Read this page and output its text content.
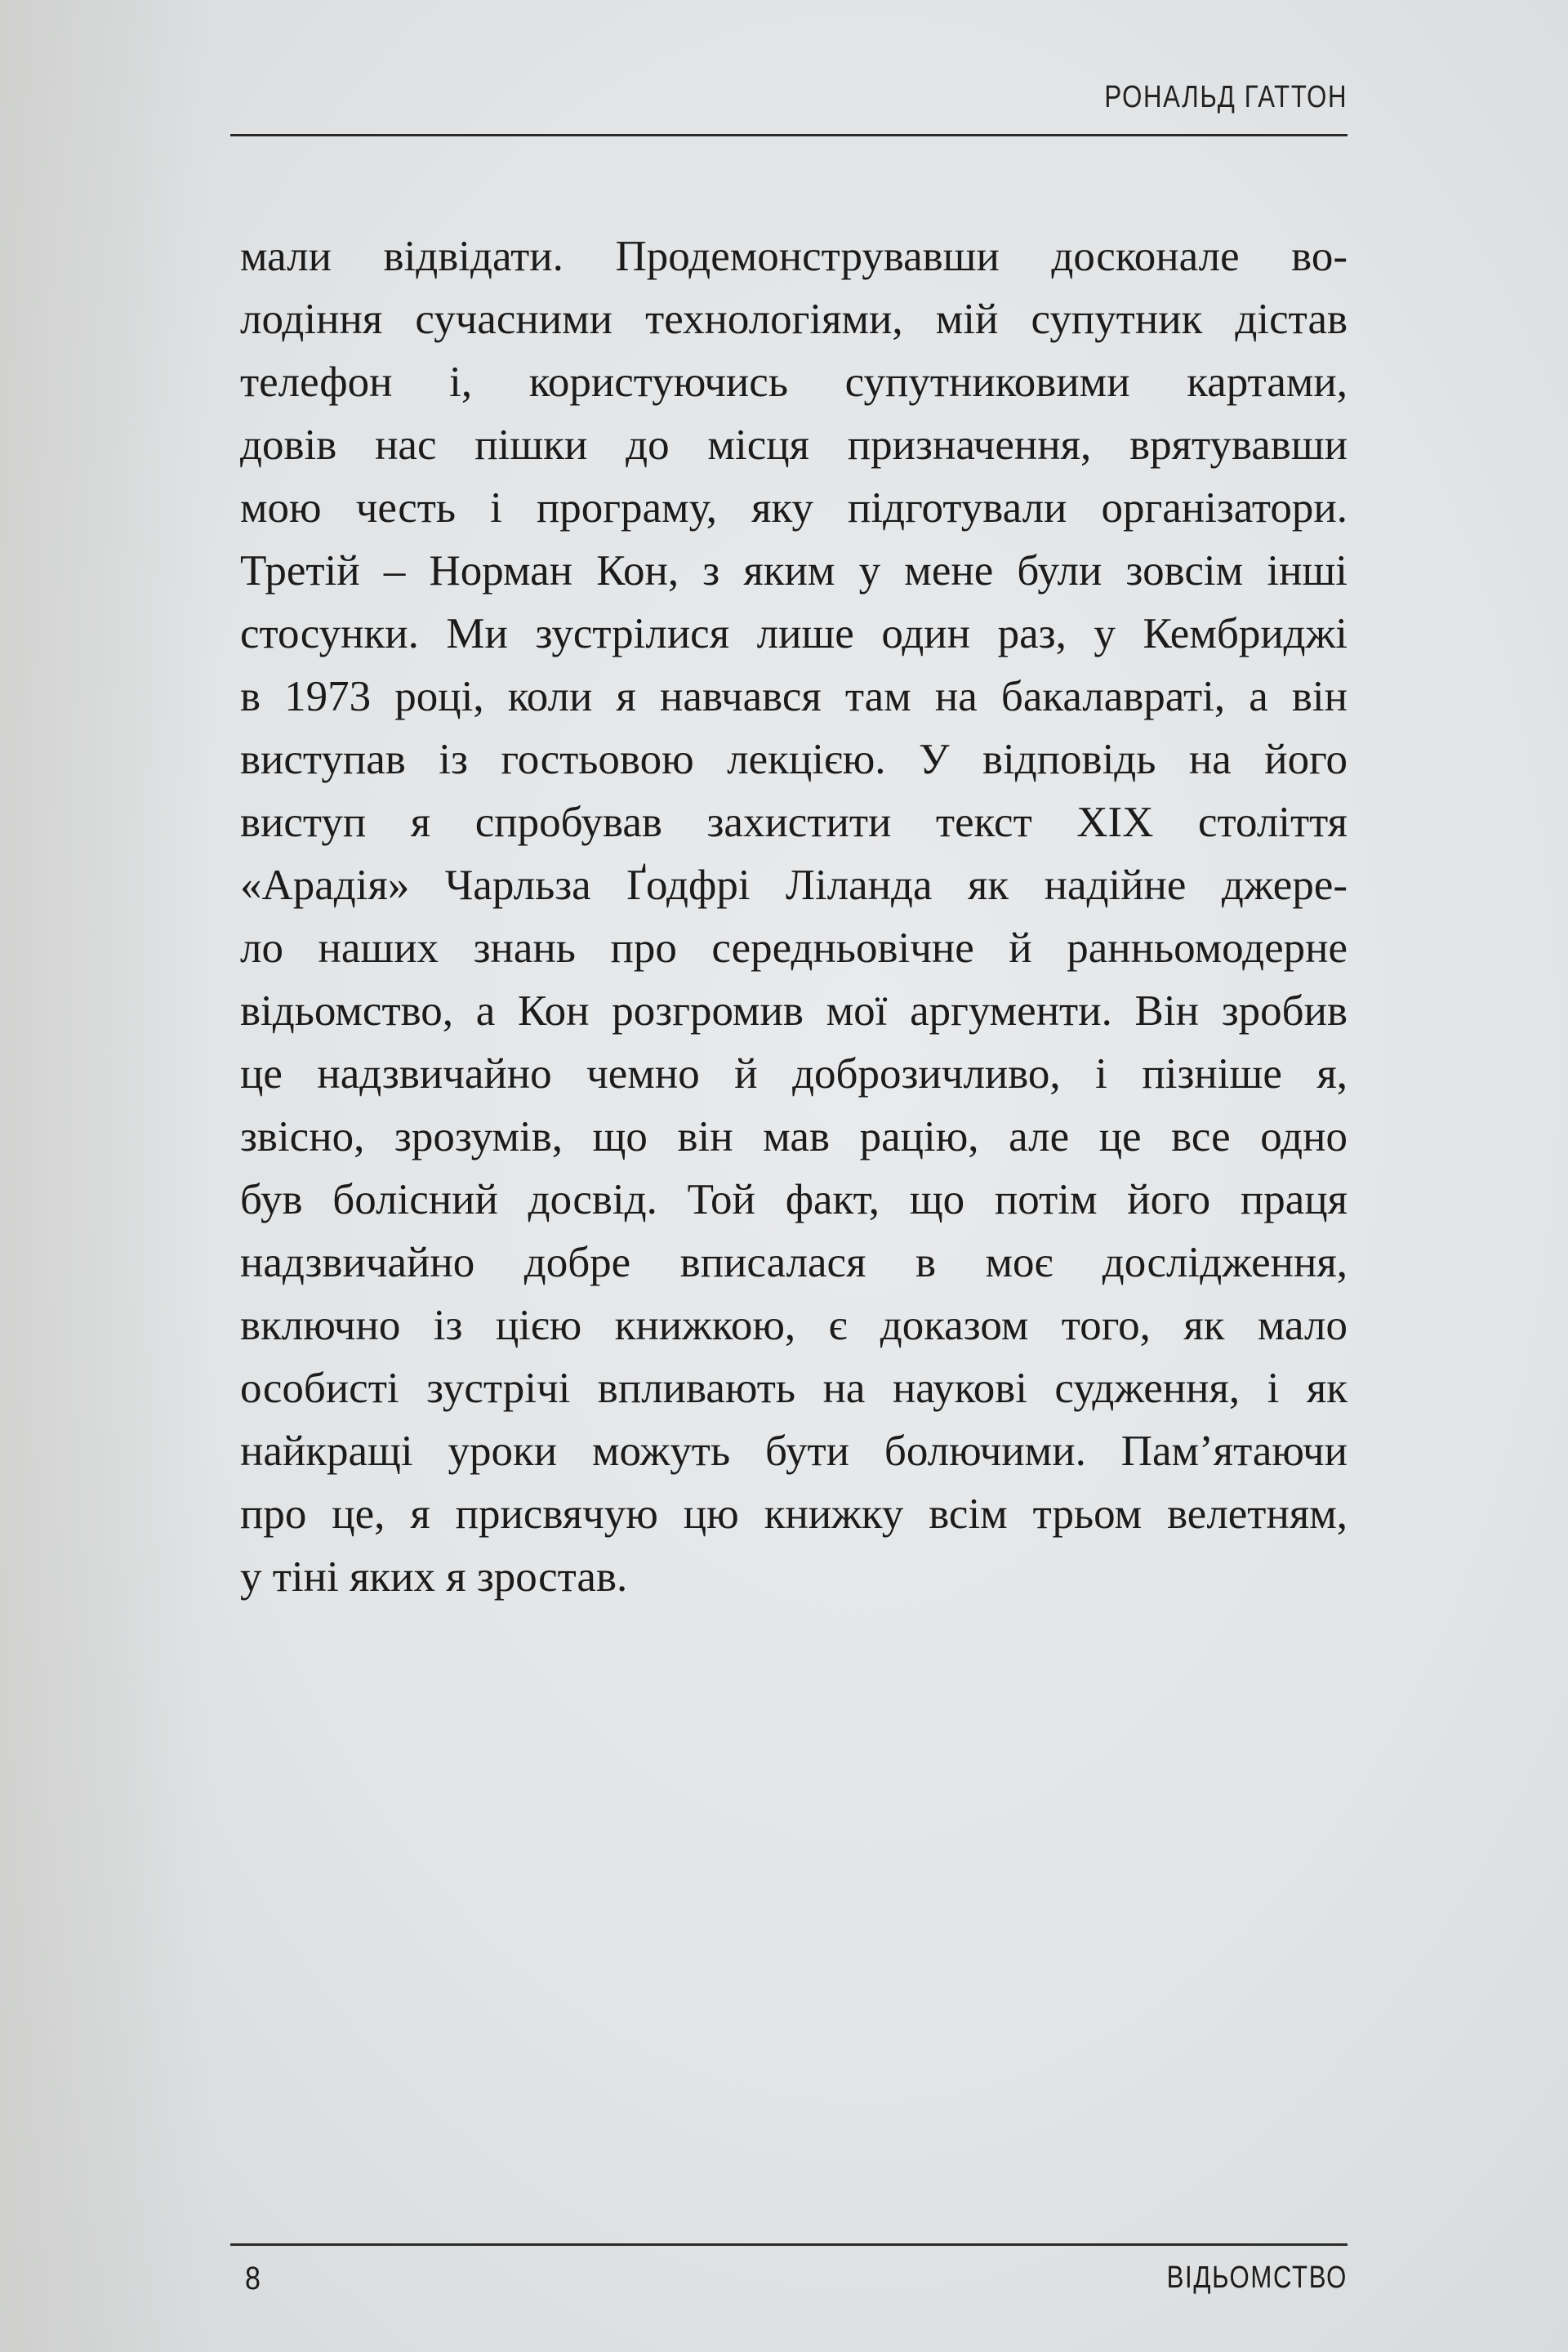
РОНАЛЬД ГАТТОН
мали відвідати. Продемонструвавши досконале во-
лодіння сучасними технологіями, мій супутник дістав
телефон і, користуючись супутниковими картами,
довів нас пішки до місця призначення, врятувавши
мою честь і програму, яку підготували організатори.
Третій – Норман Кон, з яким у мене були зовсім інші
стосунки. Ми зустрілися лише один раз, у Кембриджі
в 1973 році, коли я навчався там на бакалавраті, а він
виступав із гостьовою лекцією. У відповідь на його
виступ я спробував захистити текст XIX століття
«Арадія» Чарльза Ґодфрі Ліланда як надійне джере-
ло наших знань про середньовічне й ранньомодерне
відьомство, а Кон розгромив мої аргументи. Він зробив
це надзвичайно чемно й доброзичливо, і пізніше я,
звісно, зрозумів, що він мав рацію, але це все одно
був болісний досвід. Той факт, що потім його праця
надзвичайно добре вписалася в моє дослідження,
включно із цією книжкою, є доказом того, як мало
особисті зустрічі впливають на наукові судження, і як
найкращі уроки можуть бути болючими. Пам’ятаючи
про це, я присвячую цю книжку всім трьом велетням,
у тіні яких я зростав.
8	ВІДЬОМСТВО
